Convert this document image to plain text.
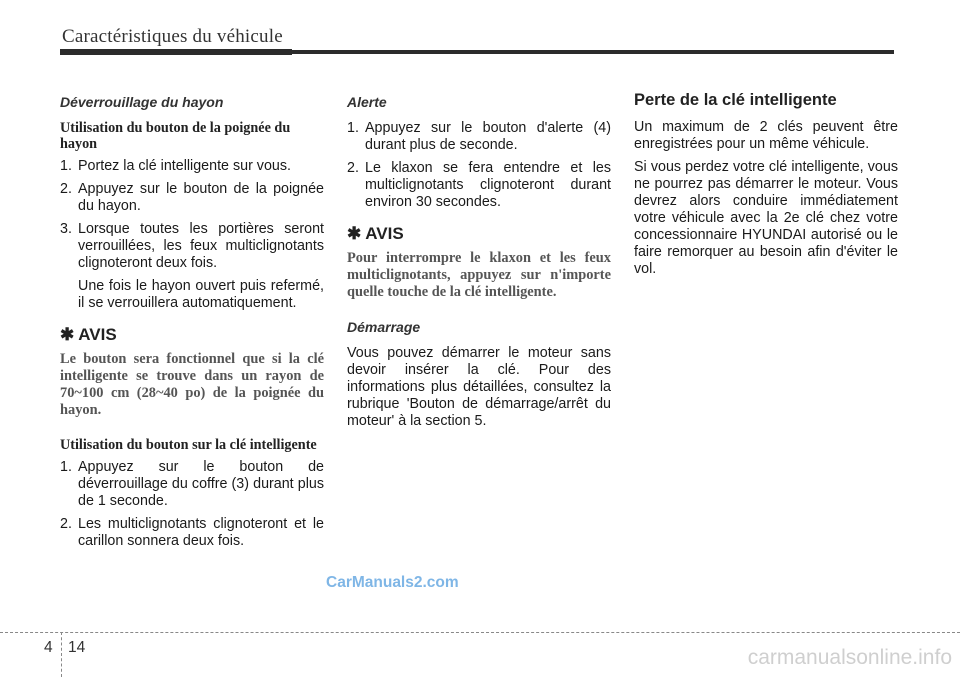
Caractéristiques du véhicule
Déverrouillage du hayon
Utilisation du bouton de la poignée du hayon
1. Portez la clé intelligente sur vous.
2. Appuyez sur le bouton de la poignée du hayon.
3. Lorsque toutes les portières seront verrouillées, les feux multiclignotants clignoteront deux fois.
Une fois le hayon ouvert puis refermé, il se verrouillera automatiquement.
✱ AVIS
Le bouton sera fonctionnel que si la clé intelligente se trouve dans un rayon de 70~100 cm (28~40 po) de la poignée du hayon.
Utilisation du bouton sur la clé intelligente
1. Appuyez sur le bouton de déverrouillage du coffre (3) durant plus de 1 seconde.
2. Les multiclignotants clignoteront et le carillon sonnera deux fois.
Alerte
1. Appuyez sur le bouton d'alerte (4) durant plus de seconde.
2. Le klaxon se fera entendre et les multiclignotants clignoteront durant environ 30 secondes.
✱ AVIS
Pour interrompre le klaxon et les feux multiclignotants, appuyez sur n'importe quelle touche de la clé intelligente.
Démarrage
Vous pouvez démarrer le moteur sans devoir insérer la clé. Pour des informations plus détaillées, consultez la rubrique 'Bouton de démarrage/arrêt du moteur' à la section 5.
Perte de la clé intelligente
Un maximum de 2 clés peuvent être enregistrées pour un même véhicule.
Si vous perdez votre clé intelligente, vous ne pourrez pas démarrer le moteur. Vous devrez alors conduire immédiatement votre véhicule avec la 2e clé chez votre concessionnaire HYUNDAI autorisé ou le faire remorquer au besoin afin d'éviter le vol.
CarManuals2.com
4 14	carmanualsonline.info
